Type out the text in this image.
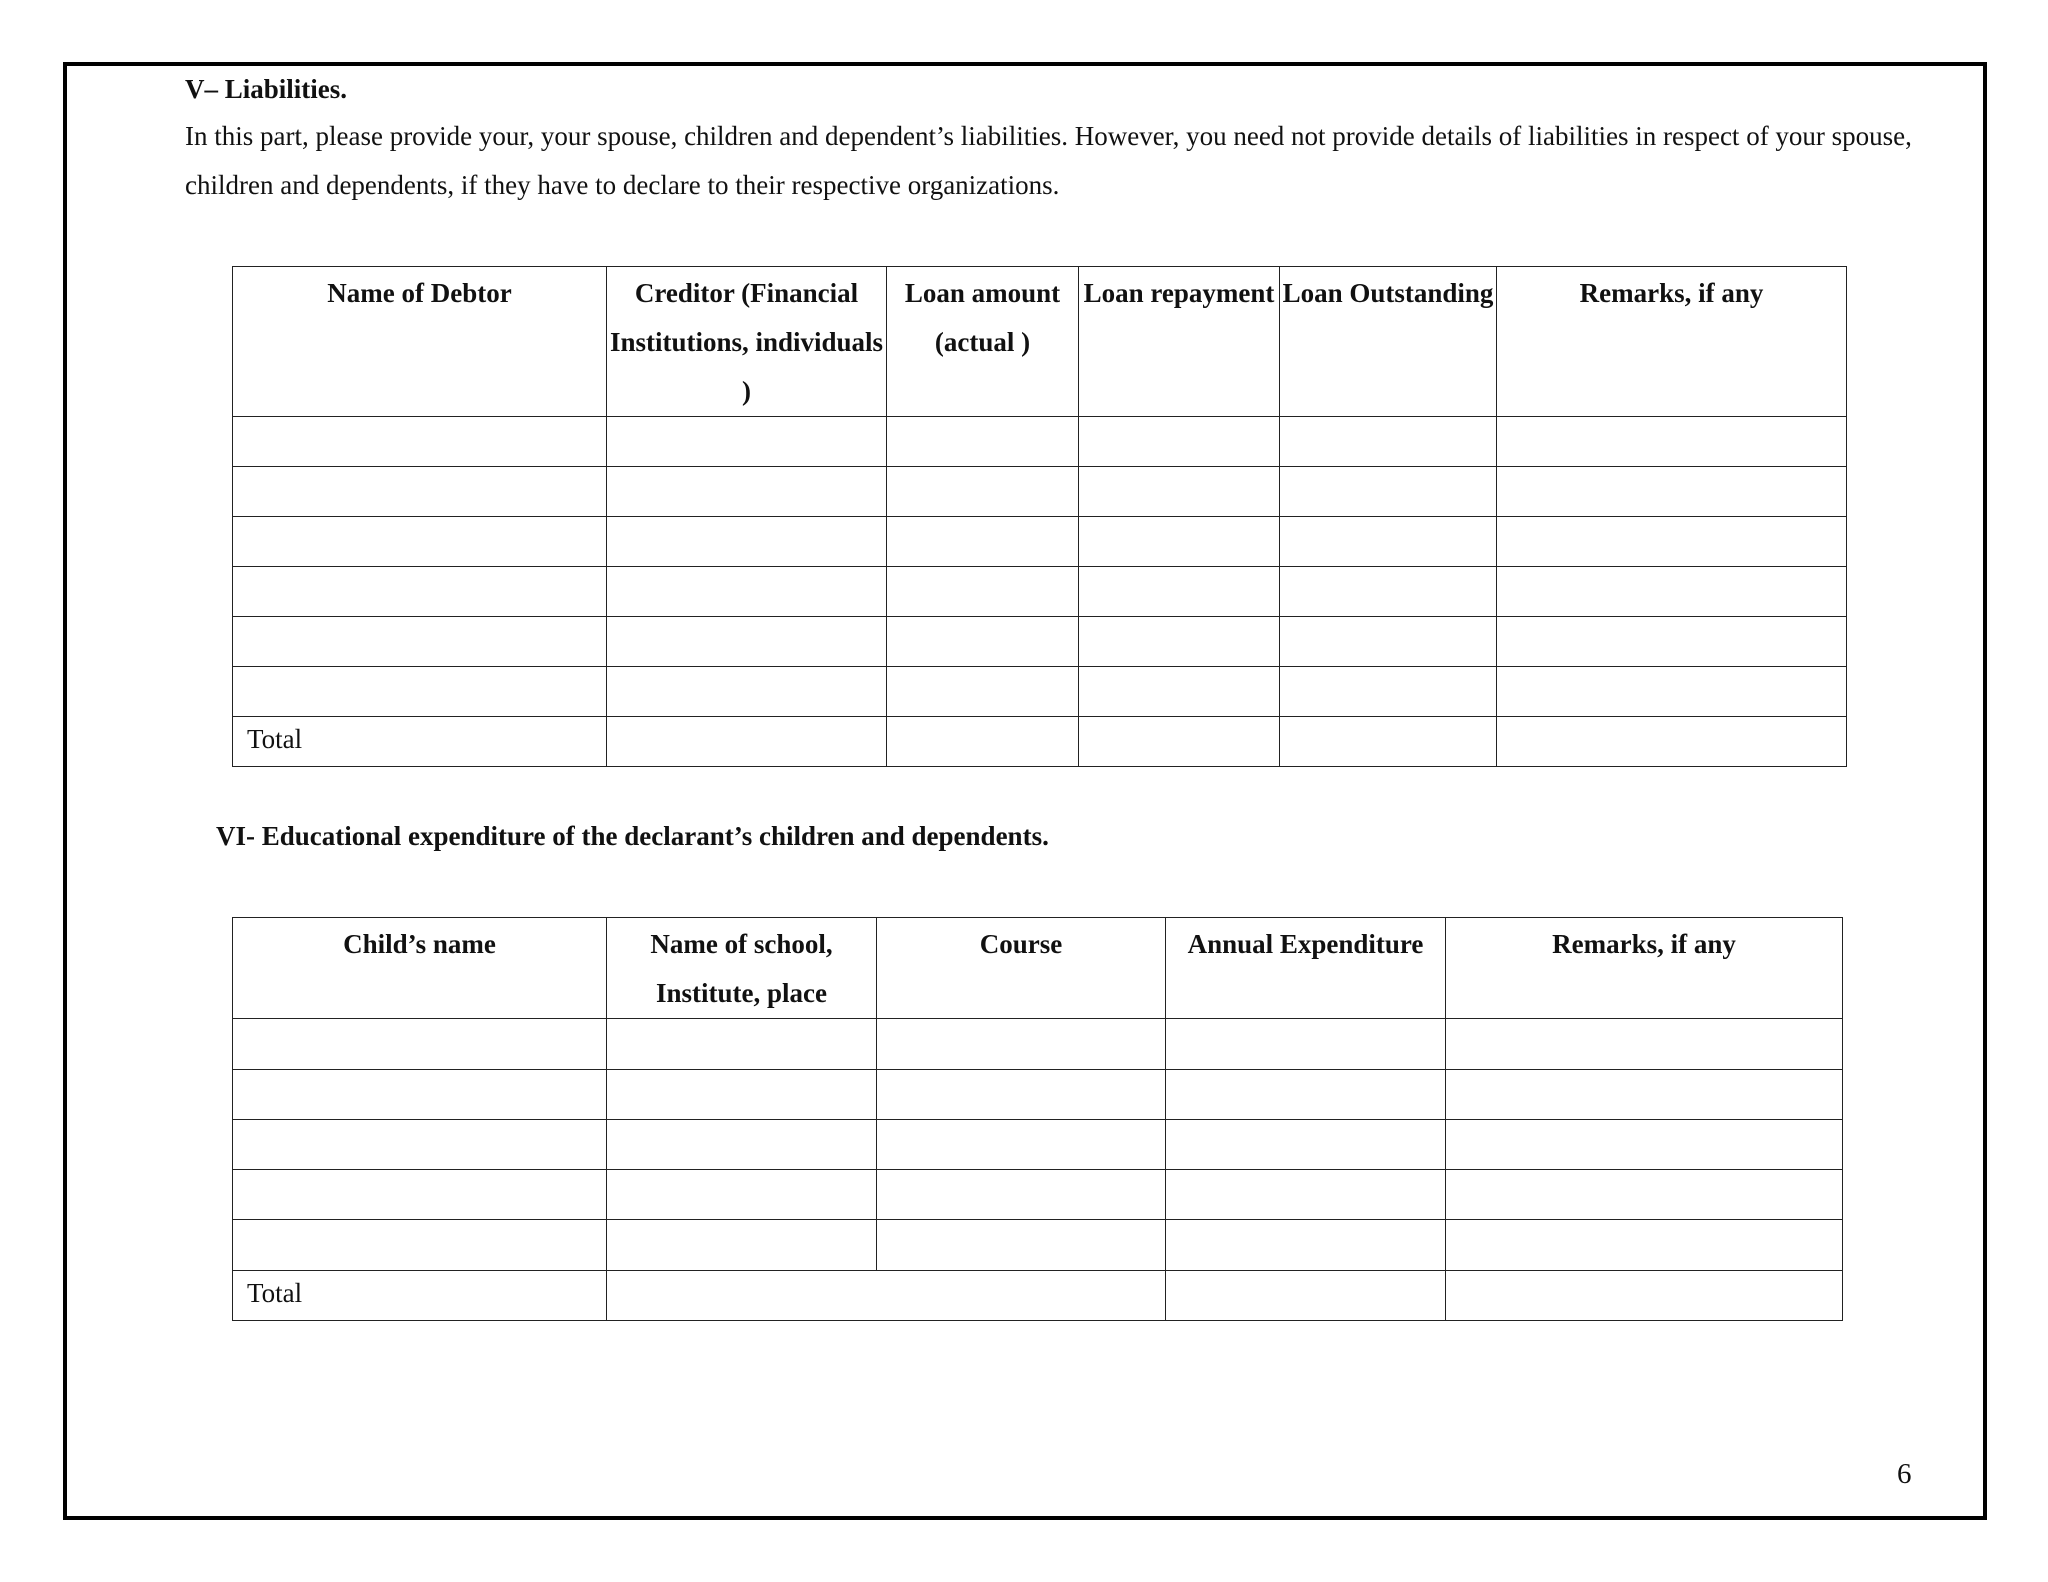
V– Liabilities.

In this part, please provide your, your spouse, children and dependent’s liabilities. However, you need not provide details of liabilities in respect of your spouse, children and dependents, if they have to declare to their respective organizations.

Name of Debtor	Creditor (Financial Institutions, individuals )	Loan amount (actual )	Loan repayment	Loan Outstanding	Remarks, if any

Total					
VI- Educational expenditure of the declarant’s children and dependents.
Child’s name	Name of school, Institute, place	Course	Annual Expenditure	Remarks, if any

Total				
6
